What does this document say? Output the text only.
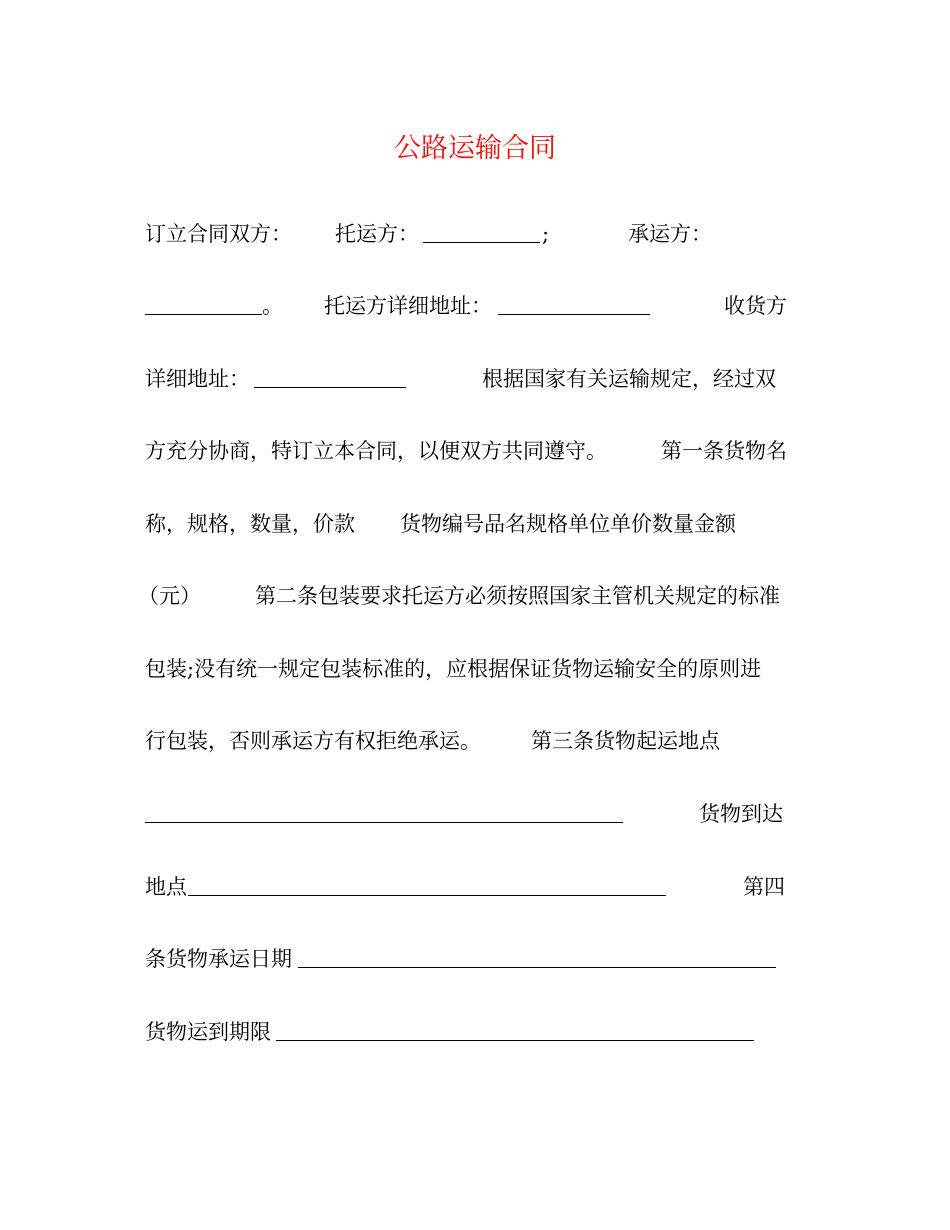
公路运输合同

订立合同双方：

托运方：

	;

	承运方：

。

托运方详细地址：

	收货方

详细地址：

	根据国家有关运输规定，经过双

方充分协商，特订立本合同，以便双方共同遵守。

	第一条货物名

称，规格，数量，价款

货物编号品名规格单位单价数量金额

（元）

	第二条包装要求托运方必须按照国家主管机关规定的标准

包装;没有统一规定包装标准的，应根据保证货物运输安全的原则进

行包装，否则承运方有权拒绝承运。

第三条货物起运地点

货物到达

地点

	第四

条货物承运日期

货物运到期限
